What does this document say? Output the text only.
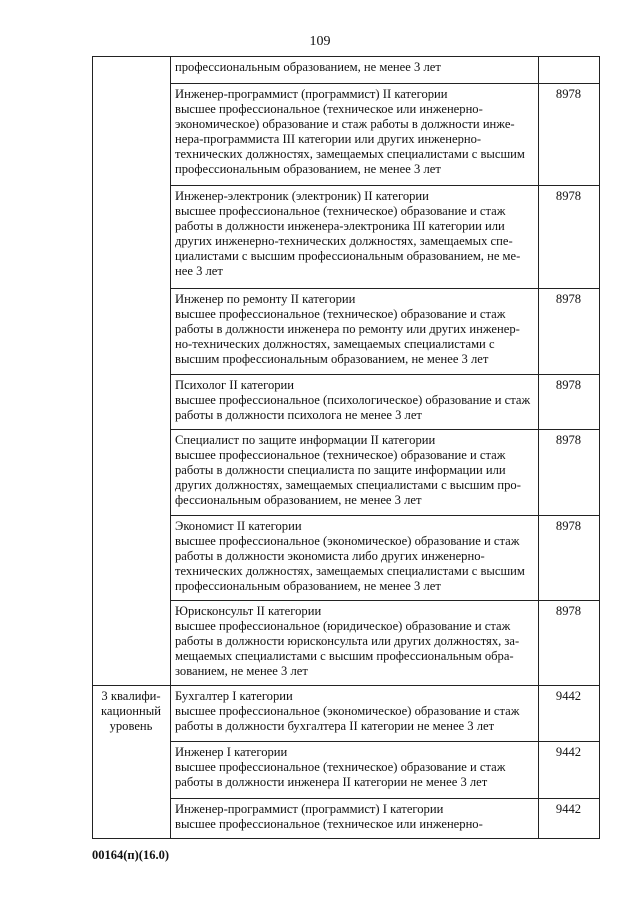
109

	профессиональным образованием, не менее 3 лет	

	Инженер-программист (программист) II категории
высшее профессиональное (техническое или инженерно-экономическое) образование и стаж работы в должности инже-нера-программиста III категории или других инженерно-технических должностях, замещаемых специалистами с высшим профессиональным образованием, не менее 3 лет	8978

	Инженер-электроник (электроник) II категории
высшее профессиональное (техническое) образование и стаж работы в должности инженера-электроника III категории или других инженерно-технических должностях, замещаемых спе-циалистами с высшим профессиональным образованием, не ме-нее 3 лет	8978

	Инженер по ремонту II категории
высшее профессиональное (техническое) образование и стаж работы в должности инженера по ремонту или других инженер-но-технических должностях, замещаемых специалистами с высшим профессиональным образованием, не менее 3 лет	8978

	Психолог II категории
высшее профессиональное (психологическое) образование и стаж работы в должности психолога не менее 3 лет	8978

	Специалист по защите информации II категории
высшее профессиональное (техническое) образование и стаж работы в должности специалиста по защите информации или других должностях, замещаемых специалистами с высшим про-фессиональным образованием, не менее 3 лет	8978

	Экономист II категории
высшее профессиональное (экономическое) образование и стаж работы в должности экономиста либо других инженерно-технических должностях, замещаемых специалистами с высшим профессиональным образованием, не менее 3 лет	8978

	Юрисконсульт II категории
высшее профессиональное (юридическое) образование и стаж работы в должности юрисконсульта или других должностях, за-мещаемых специалистами с высшим профессиональным обра-зованием, не менее 3 лет	8978
3 квалифи-кационный уровень	Бухгалтер I категории
высшее профессиональное (экономическое) образование и стаж работы в должности бухгалтера II категории не менее 3 лет	9442

	Инженер I категории
высшее профессиональное (техническое) образование и стаж работы в должности инженера II категории не менее 3 лет	9442

	Инженер-программист (программист) I категории
высшее профессиональное (техническое или инженерно-	9442
00164(п)(16.0)
